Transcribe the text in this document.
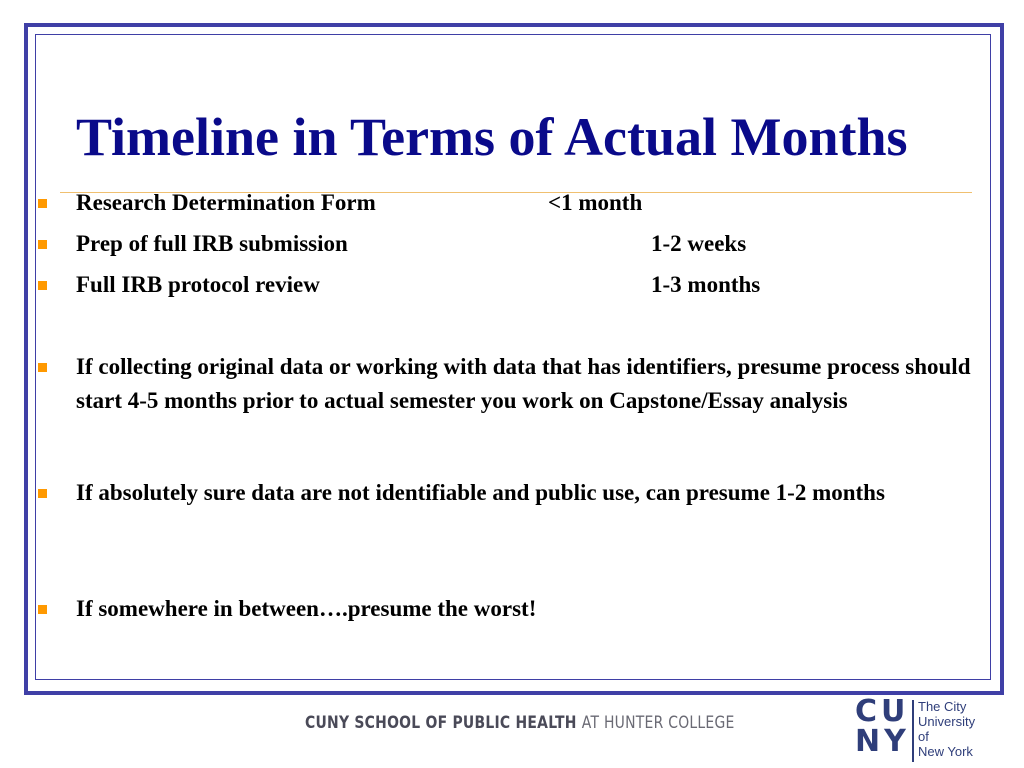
Timeline in Terms of Actual Months

Research Determination Form	<1 month

Prep of full IRB submission	1-2 weeks

Full IRB protocol review	1-3 months

If collecting original data or working with data that has identifiers, presume process should start 4-5 months prior to actual semester you work on Capstone/Essay analysis

If absolutely sure data are not identifiable and public use, can presume 1-2 months

If somewhere in between….presume the worst!

CUNY SCHOOL OF PUBLIC HEALTH AT HUNTER COLLEGE	CU
NY
The City
University
of
New York
